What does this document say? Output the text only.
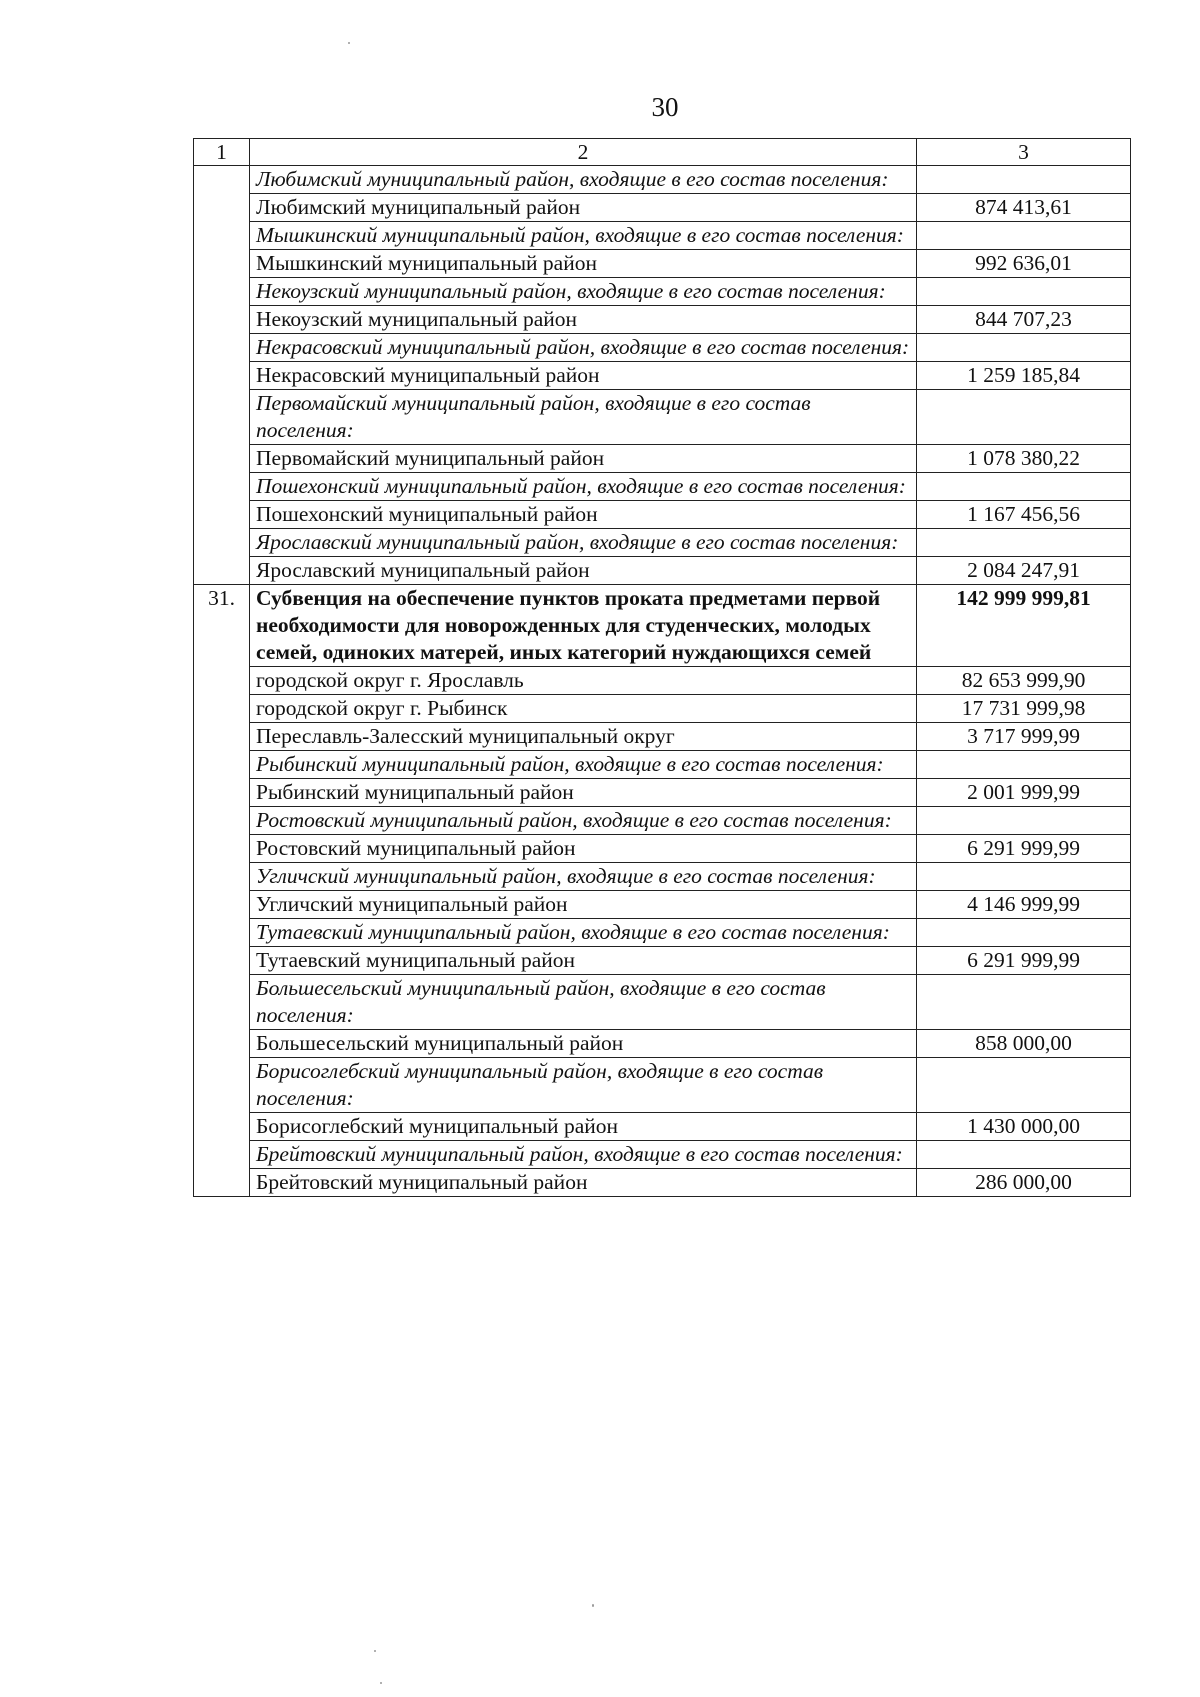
30
1	2	3
	Любимский муниципальный район, входящие в его состав поселения:	
	Любимский муниципальный район	874 413,61
	Мышкинский муниципальный район, входящие в его состав поселения:	
	Мышкинский муниципальный район	992 636,01
	Некоузский муниципальный район, входящие в его состав поселения:	
	Некоузский муниципальный район	844 707,23
	Некрасовский муниципальный район, входящие в его состав поселения:	
	Некрасовский муниципальный район	1 259 185,84
	Первомайский муниципальный район, входящие в его состав поселения:	
	Первомайский муниципальный район	1 078 380,22
	Пошехонский муниципальный район, входящие в его состав поселения:	
	Пошехонский муниципальный район	1 167 456,56
	Ярославский муниципальный район, входящие в его состав поселения:	
	Ярославский муниципальный район	2 084 247,91
31.	Субвенция на обеспечение пунктов проката предметами первой необходимости для новорожденных для студенческих, молодых семей, одиноких матерей, иных категорий нуждающихся семей	142 999 999,81
	городской округ г. Ярославль	82 653 999,90
	городской округ г. Рыбинск	17 731 999,98
	Переславль-Залесский муниципальный округ	3 717 999,99
	Рыбинский муниципальный район, входящие в его состав поселения:	
	Рыбинский муниципальный район	2 001 999,99
	Ростовский муниципальный район, входящие в его состав поселения:	
	Ростовский муниципальный район	6 291 999,99
	Угличский муниципальный район, входящие в его состав поселения:	
	Угличский муниципальный район	4 146 999,99
	Тутаевский муниципальный район, входящие в его состав поселения:	
	Тутаевский муниципальный район	6 291 999,99
	Большесельский муниципальный район, входящие в его состав поселения:	
	Большесельский муниципальный район	858 000,00
	Борисоглебский муниципальный район, входящие в его состав поселения:	
	Борисоглебский муниципальный район	1 430 000,00
	Брейтовский муниципальный район, входящие в его состав поселения:	
	Брейтовский муниципальный район	286 000,00
